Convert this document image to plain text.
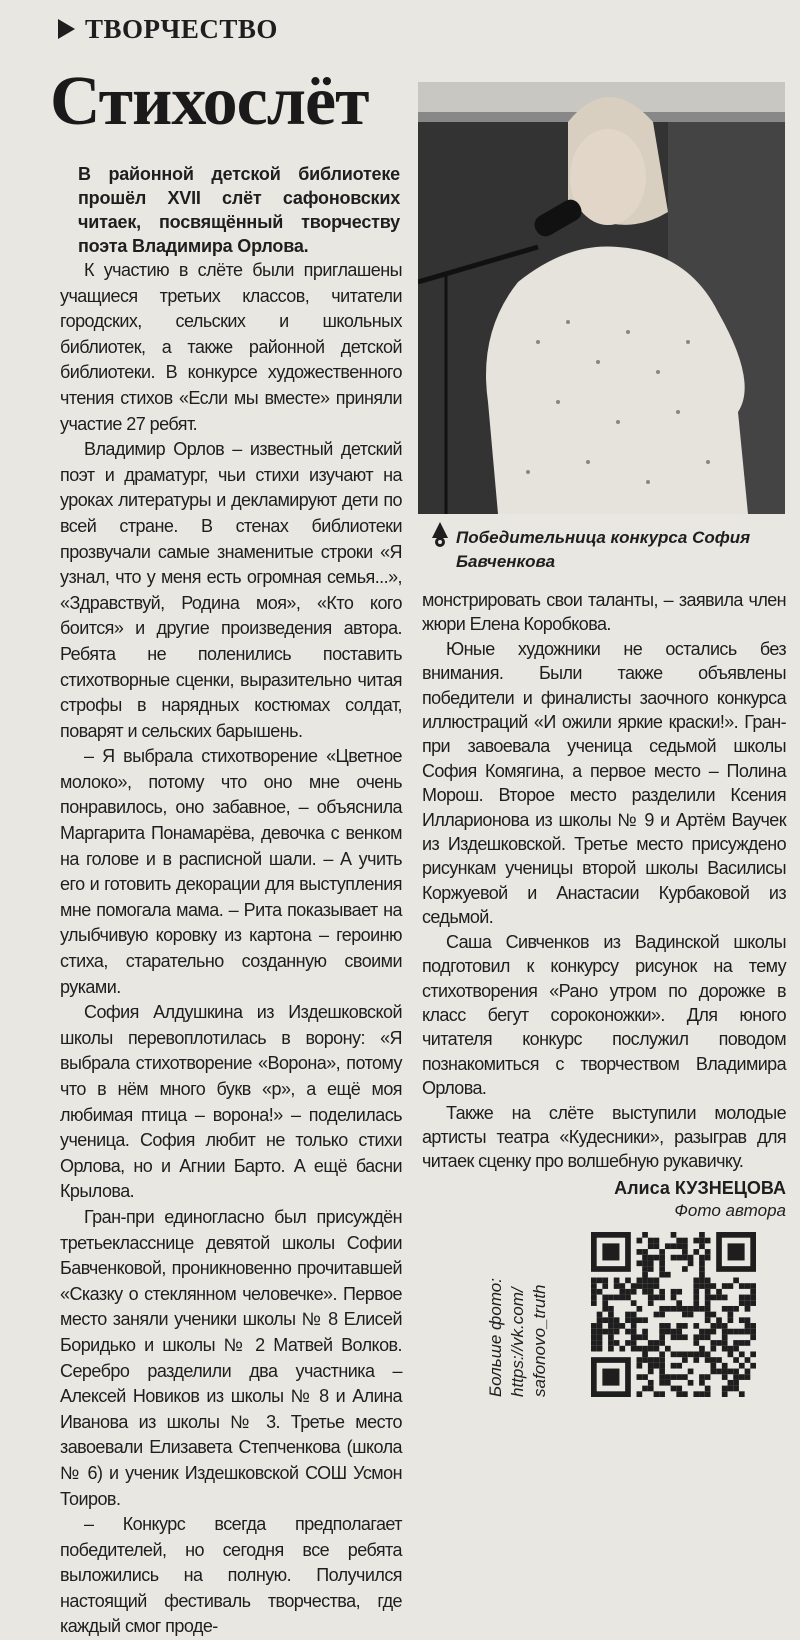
ТВОРЧЕСТВО
Стихослёт
В районной детской библиотеке прошёл XVII слёт сафоновских читаек, посвящённый творчеству поэта Владимира Орлова.

К участию в слёте были приглашены учащиеся третьих классов, читатели городских, сельских и школьных библиотек, а также районной детской библиотеки. В конкурсе художественного чтения стихов «Если мы вместе» приняли участие 27 ребят.

Владимир Орлов – известный детский поэт и драматург, чьи стихи изучают на уроках литературы и декламируют дети по всей стране. В стенах библиотеки прозвучали самые знаменитые строки «Я узнал, что у меня есть огромная семья...», «Здравствуй, Родина моя», «Кто кого боится» и другие произведения автора. Ребята не поленились поставить стихотворные сценки, выразительно читая строфы в нарядных костюмах солдат, поварят и сельских барышень.

– Я выбрала стихотворение «Цветное молоко», потому что оно мне очень понравилось, оно забавное, – объяснила Маргарита Понамарёва, девочка с венком на голове и в расписной шали. – А учить его и готовить декорации для выступления мне помогала мама. – Рита показывает на улыбчивую коровку из картона – героиню стиха, старательно созданную своими руками.

София Алдушкина из Издешковской школы перевоплотилась в ворону: «Я выбрала стихотворение «Ворона», потому что в нём много букв «р», а ещё моя любимая птица – ворона!» – поделилась ученица. София любит не только стихи Орлова, но и Агнии Барто. А ещё басни Крылова.

Гран-при единогласно был присуждён третьекласснице девятой школы Софии Бавченковой, проникновенно прочитавшей «Сказку о стеклянном человечке». Первое место заняли ученики школы № 8 Елисей Боридько и школы № 2 Матвей Волков. Серебро разделили два участника – Алексей Новиков из школы № 8 и Алина Иванова из школы № 3. Третье место завоевали Елизавета Степченкова (школа № 6) и ученик Издешковской СОШ Усмон Тоиров.

– Конкурс всегда предполагает победителей, но сегодня все ребята выложились на полную. Получился настоящий фестиваль творчества, где каждый смог проде-

Победительница конкурса София Бавченкова

монстрировать свои таланты, – заявила член жюри Елена Коробкова.

Юные художники не остались без внимания. Были также объявлены победители и финалисты заочного конкурса иллюстраций «И ожили яркие краски!». Гран-при завоевала ученица седьмой школы София Комягина, а первое место – Полина Морош. Второе место разделили Ксения Илларионова из школы № 9 и Артём Ваучек из Издешковской. Третье место присуждено рисункам ученицы второй школы Василисы Коржуевой и Анастасии Курбаковой из седьмой.

Саша Сивченков из Вадинской школы подготовил к конкурсу рисунок на тему стихотворения «Рано утром по дорожке в класс бегут сороконожки». Для юного читателя конкурс послужил поводом познакомиться с творчеством Владимира Орлова.

Также на слёте выступили молодые артисты театра «Кудесники», разыграв для читаек сценку про волшебную рукавичку.

Алиса КУЗНЕЦОВА
Фото автора
Больше фото: https://vk.com/ safonovo_truth
